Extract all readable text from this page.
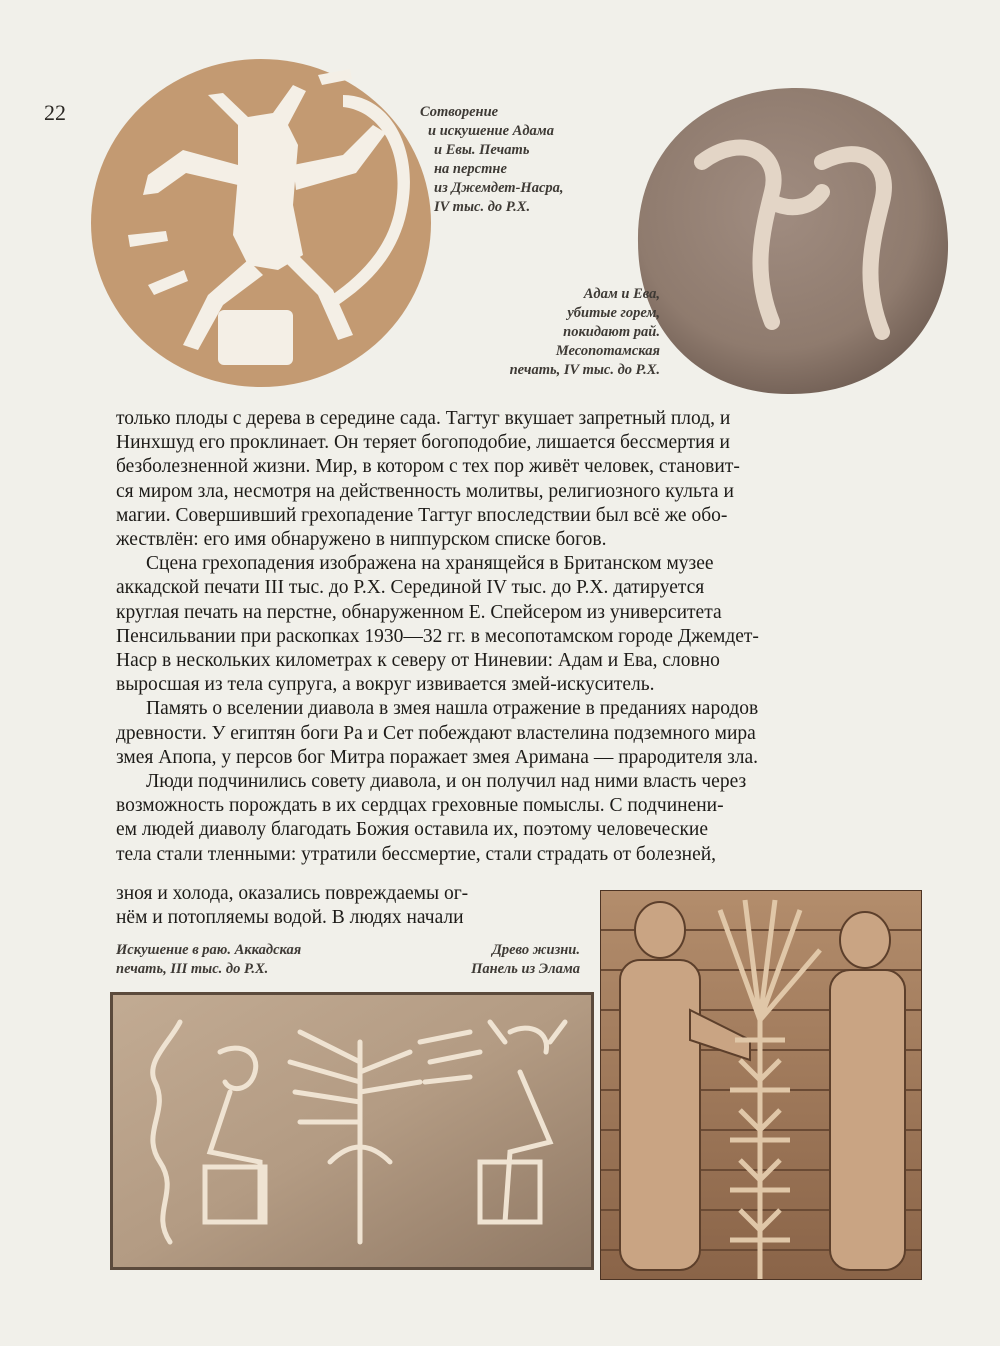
22	Сотворение
и искушение Адама
и Евы. Печать
на перстне
из Джемдет-Насра,
IV тыс. до Р.Х.
Адам и Ева,
убитые горем,
покидают рай.
Месопотамская
печать, IV тыс. до Р.Х.
только плоды с дерева в середине сада. Тагтуг вкушает запретный плод, и
Нинхшуд его проклинает. Он теряет богоподобие, лишается бессмертия и
безболезненной жизни. Мир, в котором с тех пор живёт человек, становит-
ся миром зла, несмотря на действенность молитвы, религиозного культа и
магии. Совершивший грехопадение Тагтуг впоследствии был всё же обо-
жествлён: его имя обнаружено в ниппурском списке богов.
Сцена грехопадения изображена на хранящейся в Британском музее
аккадской печати III тыс. до Р.Х. Серединой IV тыс. до Р.Х. датируется
круглая печать на перстне, обнаруженном Е. Спейсером из университета
Пенсильвании при раскопках 1930—32 гг. в месопотамском городе Джемдет-
Наср в нескольких километрах к северу от Ниневии: Адам и Ева, словно
выросшая из тела супруга, а вокруг извивается змей-искуситель.
Память о вселении диавола в змея нашла отражение в преданиях народов
древности. У египтян боги Ра и Сет побеждают властелина подземного мира
змея Апопа, у персов бог Митра поражает змея Аримана — прародителя зла.
Люди подчинились совету диавола, и он получил над ними власть через
возможность порождать в их сердцах греховные помыслы. С подчинени-
ем людей диаволу благодать Божия оставила их, поэтому человеческие
тела стали тленными: утратили бессмертие, стали страдать от болезней,
зноя и холода, оказались повреждаемы ог-
нём и потопляемы водой. В людях начали
Искушение в раю. Аккадская
печать, III тыс. до Р.Х.
Древо жизни.
Панель из Элама
